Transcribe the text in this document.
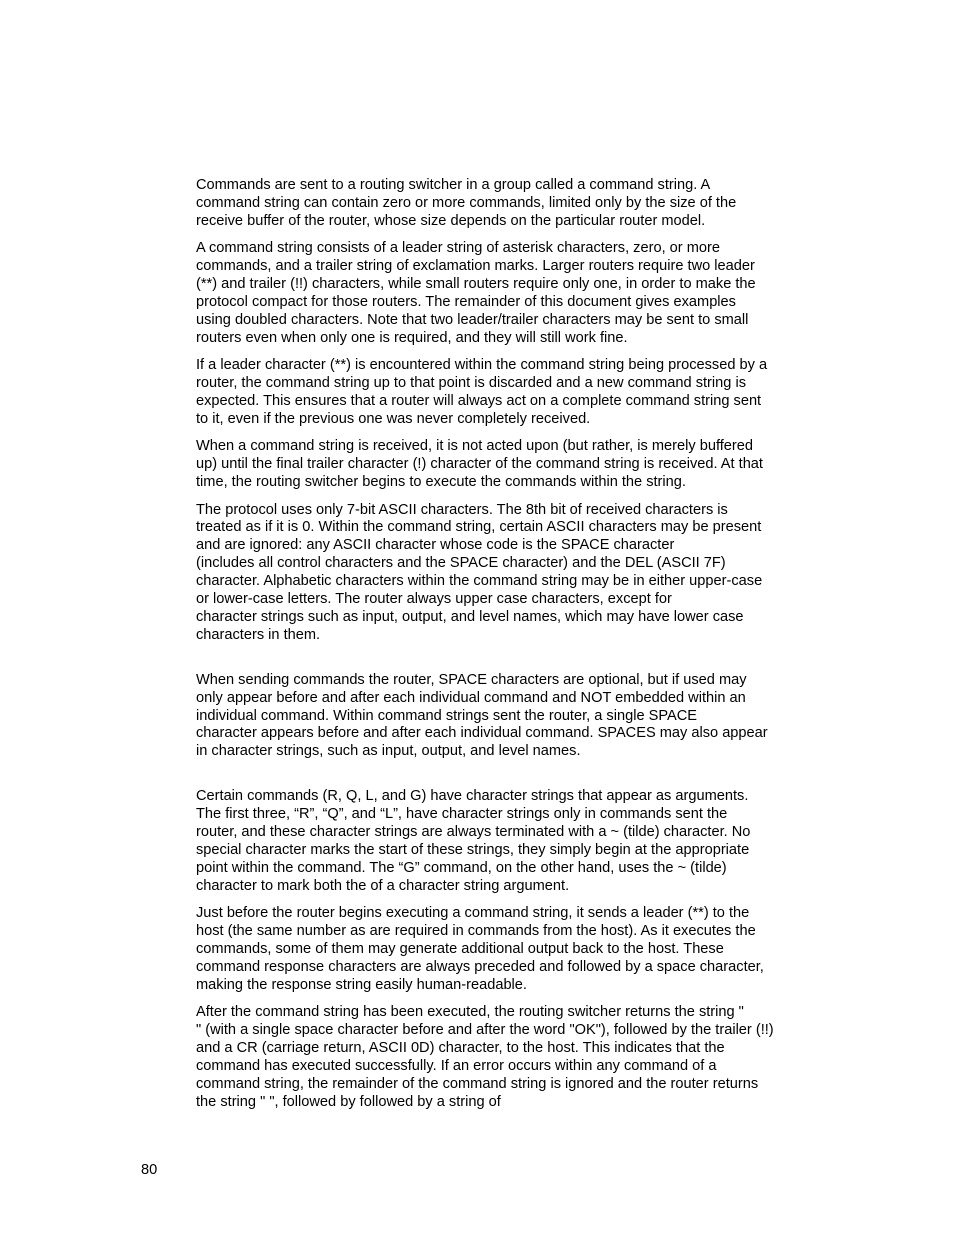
Commands are sent to a routing switcher in a group called a command string. A
command string can contain zero or more commands, limited only by the size of the
receive buffer of the router, whose size depends on the particular router model.

A command string consists of a leader string of asterisk characters, zero, or more
commands, and a trailer string of exclamation marks. Larger routers require two leader
(**) and trailer (!!) characters, while small routers require only one, in order to make the
protocol compact for those routers. The remainder of this document gives examples
using doubled characters. Note that two leader/trailer characters may be sent to small
routers even when only one is required, and they will still work fine.

If a leader character (**) is encountered within the command string being processed by a
router, the command string up to that point is discarded and a new command string is
expected. This ensures that a router will always act on a complete command string sent
to it, even if the previous one was never completely received.

When a command string is received, it is not acted upon (but rather, is merely buffered
up) until the final trailer character (!) character of the command string is received. At that
time, the routing switcher begins to execute the commands within the string.

The protocol uses only 7-bit ASCII characters. The 8th bit of received characters is
treated as if it is 0. Within the command string, certain ASCII characters may be present
and are ignored: any ASCII character whose code is the SPACE character
(includes all control characters and the SPACE character) and the DEL (ASCII 7F)
character. Alphabetic characters within the command string may be in either upper-case
or lower-case letters. The router always upper case characters, except for
character strings such as input, output, and level names, which may have lower case
characters in them.

When sending commands the router, SPACE characters are optional, but if used may
only appear before and after each individual command and NOT embedded within an
individual command. Within command strings sent the router, a single SPACE
character appears before and after each individual command. SPACES may also appear
in character strings, such as input, output, and level names.

Certain commands (R, Q, L, and G) have character strings that appear as arguments.
The first three, “R”, “Q”, and “L”, have character strings only in commands sent the
router, and these character strings are always terminated with a ~ (tilde) character. No
special character marks the start of these strings, they simply begin at the appropriate
point within the command. The “G” command, on the other hand, uses the ~ (tilde)
character to mark both the of a character string argument.

Just before the router begins executing a command string, it sends a leader (**) to the
host (the same number as are required in commands from the host). As it executes the
commands, some of them may generate additional output back to the host. These
command response characters are always preceded and followed by a space character,
making the response string easily human-readable.

After the command string has been executed, the routing switcher returns the string "
" (with a single space character before and after the word "OK"), followed by the trailer (!!)
and a CR (carriage return, ASCII 0D) character, to the host. This indicates that the
command has executed successfully. If an error occurs within any command of a
command string, the remainder of the command string is ignored and the router returns
the string " ", followed by followed by a string of

80
